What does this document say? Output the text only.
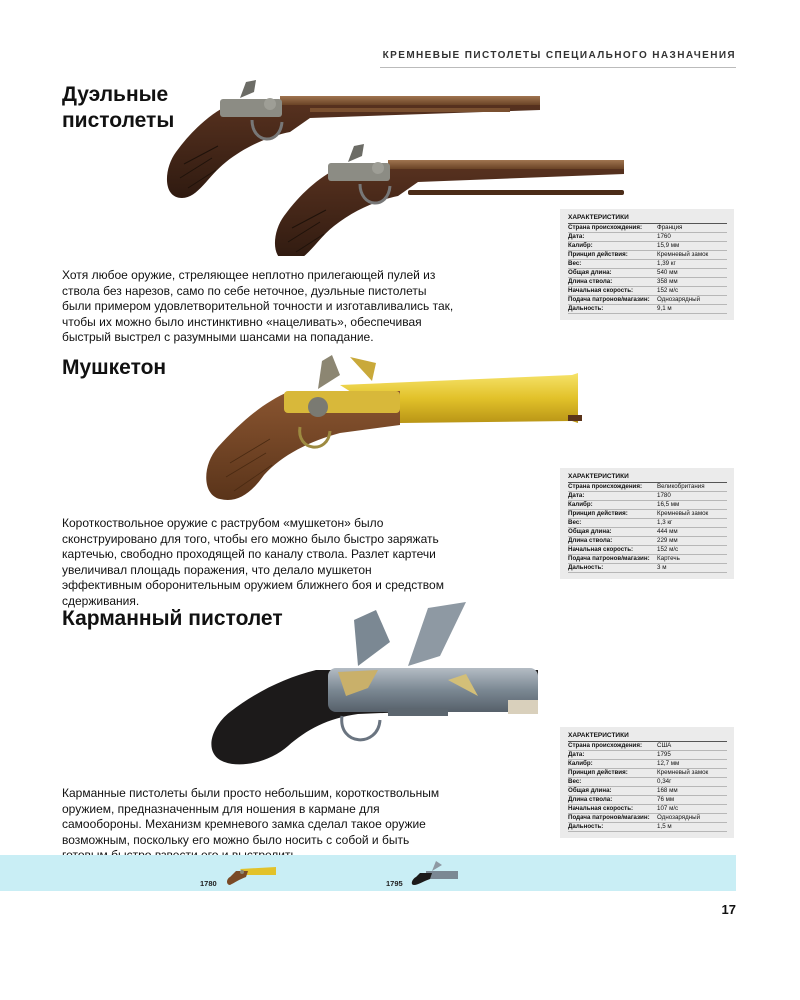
КРЕМНЕВЫЕ ПИСТОЛЕТЫ СПЕЦИАЛЬНОГО НАЗНАЧЕНИЯ
Дуэльные
пистолеты
ХАРАКТЕРИСТИКИ	
Страна происхождения:	Франция
Дата:	1760
Калибр:	15,9 мм
Принцип действия:	Кремневый замок
Вес:	1,39 кг
Общая длина:	540 мм
Длина ствола:	358 мм
Начальная скорость:	152 м/с
Подача патронов/магазин:	Однозарядный
Дальность:	9,1 м

Хотя любое оружие, стреляющее неплотно прилегающей пулей из ствола без нарезов, само по себе неточное, дуэльные пистолеты были примером удовлетворительной точности и изготавливались так, чтобы их можно было инстинктивно «нацеливать», обеспечивая быстрый выстрел с разумными шансами на попадание.

Мушкетон
ХАРАКТЕРИСТИКИ	
Страна происхождения:	Великобритания
Дата:	1780
Калибр:	16,5 мм
Принцип действия:	Кремневый замок
Вес:	1,3 кг
Общая длина:	444 мм
Длина ствола:	229 мм
Начальная скорость:	152 м/с
Подача патронов/магазин:	Картечь
Дальность:	3 м

Короткоствольное оружие с раструбом «мушкетон» было сконструировано для того, чтобы его можно было быстро заряжать картечью, свободно проходящей по каналу ствола. Разлет картечи увеличивал площадь поражения, что делало мушкетон эффективным оборонительным оружием ближнего боя и средством сдерживания.

Карманный пистолет
ХАРАКТЕРИСТИКИ	
Страна происхождения:	США
Дата:	1795
Калибр:	12,7 мм
Принцип действия:	Кремневый замок
Вес:	0,34г
Общая длина:	168 мм
Длина ствола:	76 мм
Начальная скорость:	107 м/с
Подача патронов/магазин:	Однозарядный
Дальность:	1,5 м

Карманные пистолеты были просто небольшим, короткоствольным оружием, предназначенным для ношения в кармане для самообороны. Механизм кремневого замка сделал такое оружие возможным, поскольку его можно было носить с собой и быть

1780	1795
17
